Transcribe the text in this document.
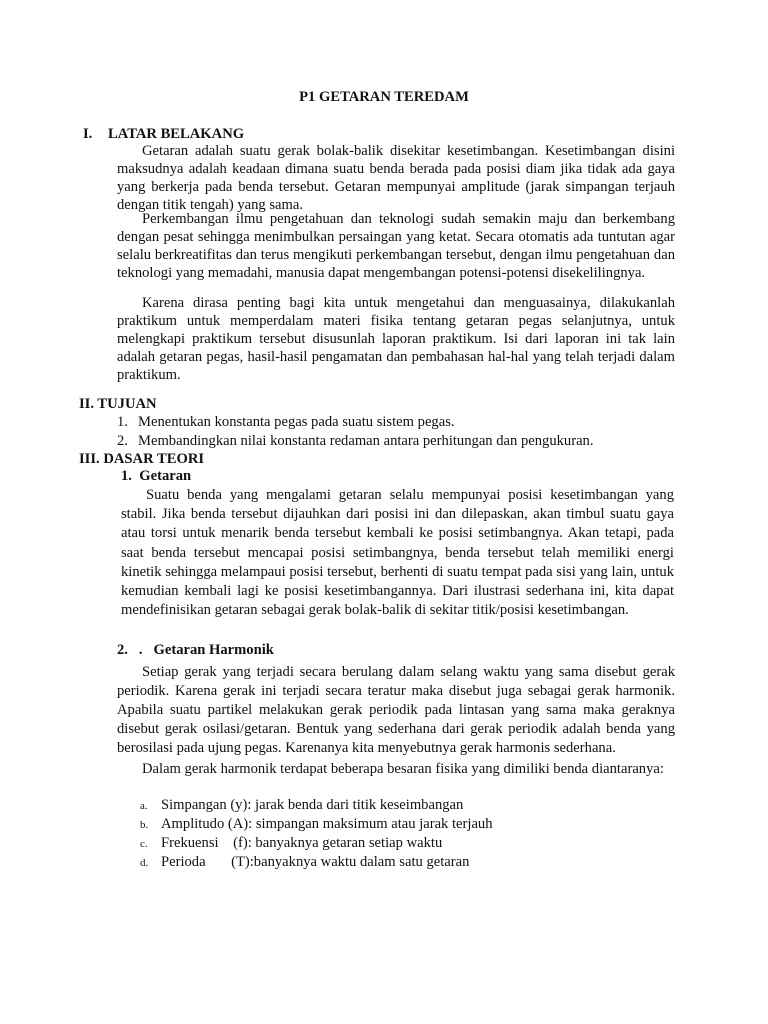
P1 GETARAN TEREDAM
I. LATAR BELAKANG

Getaran adalah suatu gerak bolak-balik disekitar kesetimbangan. Kesetimbangan disini maksudnya adalah keadaan dimana suatu benda berada pada posisi diam jika tidak ada gaya yang berkerja pada benda tersebut. Getaran mempunyai amplitude (jarak simpangan terjauh dengan titik tengah) yang sama.

Perkembangan ilmu pengetahuan dan teknologi sudah semakin maju dan berkembang dengan pesat sehingga menimbulkan persaingan yang ketat. Secara otomatis ada tuntutan agar selalu berkreatifitas dan terus mengikuti perkembangan tersebut, dengan ilmu pengetahuan dan teknologi yang memadahi, manusia dapat mengembangan potensi-potensi disekelilingnya.

Karena dirasa penting bagi kita untuk mengetahui dan menguasainya, dilakukanlah praktikum untuk memperdalam materi fisika tentang getaran pegas selanjutnya, untuk melengkapi praktikum tersebut disusunlah laporan praktikum. Isi dari laporan ini tak lain adalah getaran pegas, hasil-hasil pengamatan dan pembahasan hal-hal yang telah terjadi dalam praktikum.

II. TUJUAN
1. Menentukan konstanta pegas pada suatu sistem pegas.
2. Membandingkan nilai konstanta redaman antara perhitungan dan pengukuran.
III. DASAR TEORI
1. Getaran

Suatu benda yang mengalami getaran selalu mempunyai posisi kesetimbangan yang stabil. Jika benda tersebut dijauhkan dari posisi ini dan dilepaskan, akan timbul suatu gaya atau torsi untuk menarik benda tersebut kembali ke posisi setimbangnya. Akan tetapi, pada saat benda tersebut mencapai posisi setimbangnya, benda tersebut telah memiliki energi kinetik sehingga melampaui posisi tersebut, berhenti di suatu tempat pada sisi yang lain, untuk kemudian kembali lagi ke posisi kesetimbangannya. Dari ilustrasi sederhana ini, kita dapat mendefinisikan getaran sebagai gerak bolak-balik di sekitar titik/posisi kesetimbangan.

2.   . Getaran Harmonik

Setiap gerak yang terjadi secara berulang dalam selang waktu yang sama disebut gerak periodik. Karena gerak ini terjadi secara teratur maka disebut juga sebagai gerak harmonik. Apabila suatu partikel melakukan gerak periodik pada lintasan yang sama maka geraknya disebut gerak osilasi/getaran. Bentuk yang sederhana dari gerak periodik adalah benda yang berosilasi pada ujung pegas. Karenanya kita menyebutnya gerak harmonis sederhana.

Dalam gerak harmonik terdapat beberapa besaran fisika yang dimiliki benda diantaranya:

a. Simpangan (y): jarak benda dari titik keseimbangan
b. Amplitudo (A): simpangan maksimum atau jarak terjauh
c. Frekuensi    (f): banyaknya getaran setiap waktu
d. Perioda       (T):banyaknya waktu dalam satu getaran
